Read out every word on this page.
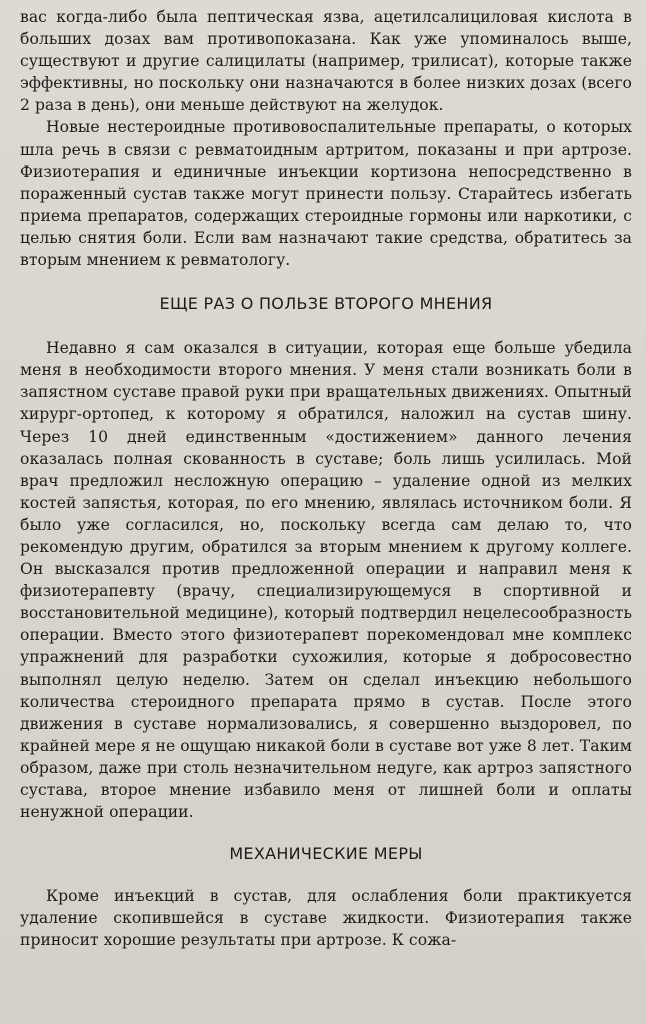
вас когда-либо была пептическая язва, ацетилсалициловая кислота в больших дозах вам противопоказана. Как уже упоминалось выше, существуют и другие салицилаты (например, трилисат), которые также эффективны, но поскольку они назначаются в более низких дозах (всего 2 раза в день), они меньше действуют на желудок.

Новые нестероидные противовоспалительные препараты, о которых шла речь в связи с ревматоидным артритом, показаны и при артрозе. Физиотерапия и единичные инъекции кортизона непосредственно в пораженный сустав также могут принести пользу. Старайтесь избегать приема препаратов, содержащих стероидные гормоны или наркотики, с целью снятия боли. Если вам назначают такие средства, обратитесь за вторым мнением к ревматологу.

ЕЩЕ РАЗ О ПОЛЬЗЕ ВТОРОГО МНЕНИЯ

Недавно я сам оказался в ситуации, которая еще больше убедила меня в необходимости второго мнения. У меня стали возникать боли в запястном суставе правой руки при вращательных движениях. Опытный хирург-ортопед, к которому я обратился, наложил на сустав шину. Через 10 дней единственным «достижением» данного лечения оказалась полная скованность в суставе; боль лишь усилилась. Мой врач предложил несложную операцию – удаление одной из мелких костей запястья, которая, по его мнению, являлась источником боли. Я было уже согласился, но, поскольку всегда сам делаю то, что рекомендую другим, обратился за вторым мнением к другому коллеге. Он высказался против предложенной операции и направил меня к физиотерапевту (врачу, специализирующемуся в спортивной и восстановительной медицине), который подтвердил нецелесообразность операции. Вместо этого физиотерапевт порекомендовал мне комплекс упражнений для разработки сухожилия, которые я добросовестно выполнял целую неделю. Затем он сделал инъекцию небольшого количества стероидного препарата прямо в сустав. После этого движения в суставе нормализовались, я совершенно выздоровел, по крайней мере я не ощущаю никакой боли в суставе вот уже 8 лет. Таким образом, даже при столь незначительном недуге, как артроз запястного сустава, второе мнение избавило меня от лишней боли и оплаты ненужной операции.

МЕХАНИЧЕСКИЕ МЕРЫ

Кроме инъекций в сустав, для ослабления боли практикуется удаление скопившейся в суставе жидкости. Физиотерапия также приносит хорошие результаты при артрозе. К сожа-
